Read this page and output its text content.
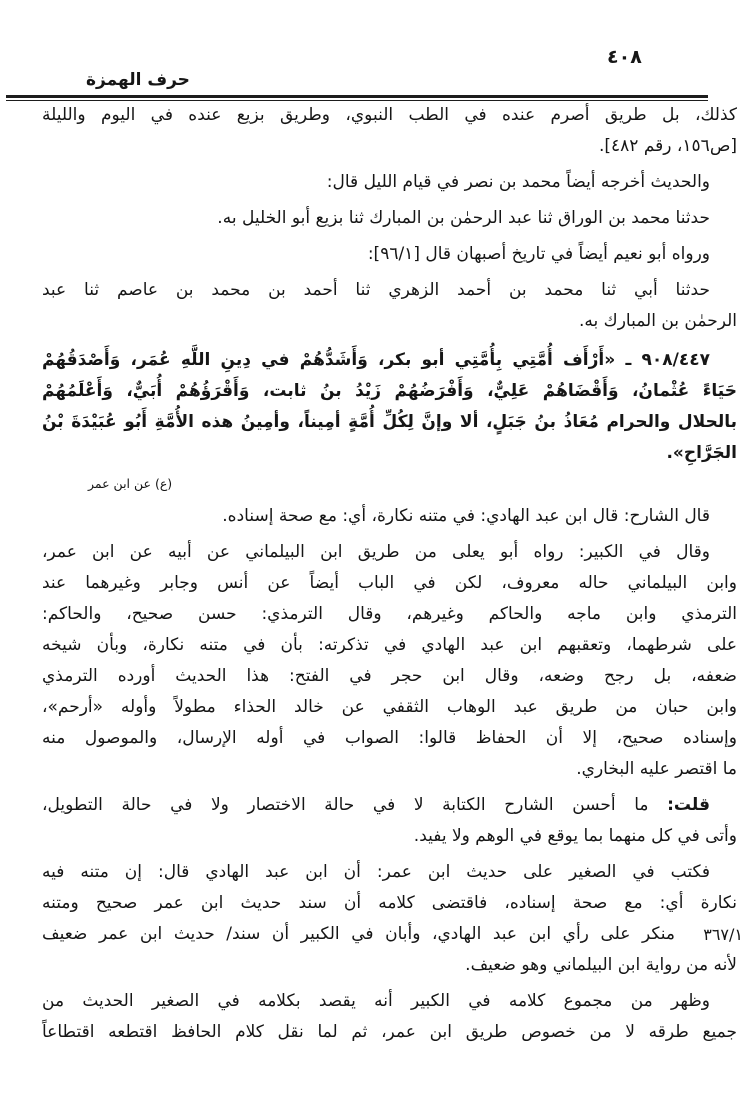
٤٠٨
حرف الهمزة
كذلك، بل طريق أصرم عنده في الطب النبوي، وطريق بزيع عنده في اليوم والليلة
[ص١٥٦، رقم ٤٨٢].
والحديث أخرجه أيضاً محمد بن نصر في قيام الليل قال:
حدثنا محمد بن الوراق ثنا عبد الرحمٰن بن المبارك ثنا بزيع أبو الخليل به.
ورواه أبو نعيم أيضاً في تاريخ أصبهان قال [٩٦/١]:
حدثنا أبي ثنا محمد بن أحمد الزهري ثنا أحمد بن محمد بن عاصم ثنا عبد
الرحمٰن بن المبارك به.
٩٠٨/٤٤٧ ـ «أَرْأَف أُمَّتِي بِأُمَّتِي أبو بكر، وَأَشَدُّهُمْ في دِينِ اللَّهِ عُمَر، وَأَصْدَقُهُمْ
حَيَاءً عُثْمانُ، وَأَقْضَاهُمْ عَلِيٌّ، وَأَفْرَضُهُمْ زَيْدُ بنُ ثابت، وَأَقْرَؤُهُمْ أُبَيٌّ، وَأَعْلَمُهُمْ
بالحلال والحرام مُعَاذُ بنُ جَبَلٍ، ألا وإنَّ لِكُلِّ أُمَّةٍ أمِيناً، وأمِينُ هذه الأُمَّةِ أَبُو عُبَيْدَةَ بْنُ
الجَرَّاحِ».
(ع) عن ابن عمر
قال الشارح: قال ابن عبد الهادي: في متنه نكارة، أي: مع صحة إسناده.
وقال في الكبير: رواه أبو يعلى من طريق ابن البيلماني عن أبيه عن ابن عمر،
وابن البيلماني حاله معروف، لكن في الباب أيضاً عن أنس وجابر وغيرهما عند
الترمذي وابن ماجه والحاكم وغيرهم، وقال الترمذي: حسن صحيح، والحاكم:
على شرطهما، وتعقبهم ابن عبد الهادي في تذكرته: بأن في متنه نكارة، وبأن شيخه
ضعفه، بل رجح وضعه، وقال ابن حجر في الفتح: هذا الحديث أورده الترمذي
وابن حبان من طريق عبد الوهاب الثقفي عن خالد الحذاء مطولاً وأوله «أرحم»،
وإسناده صحيح، إلا أن الحفاظ قالوا: الصواب في أوله الإرسال، والموصول منه
ما اقتصر عليه البخاري.
قلت: ما أحسن الشارح الكتابة لا في حالة الاختصار ولا في حالة التطويل،
وأتى في كل منهما بما يوقع في الوهم ولا يفيد.
فكتب في الصغير على حديث ابن عمر: أن ابن عبد الهادي قال: إن متنه فيه
نكارة أي: مع صحة إسناده، فاقتضى كلامه أن سند حديث ابن عمر صحيح ومتنه
منكر على رأي ابن عبد الهادي، وأبان في الكبير أن سند/ حديث ابن عمر ضعيف
لأنه من رواية ابن البيلماني وهو ضعيف.
٣٦٧/١
وظهر من مجموع كلامه في الكبير أنه يقصد بكلامه في الصغير الحديث من
جميع طرقه لا من خصوص طريق ابن عمر، ثم لما نقل كلام الحافظ اقتطعه اقتطاعاً
